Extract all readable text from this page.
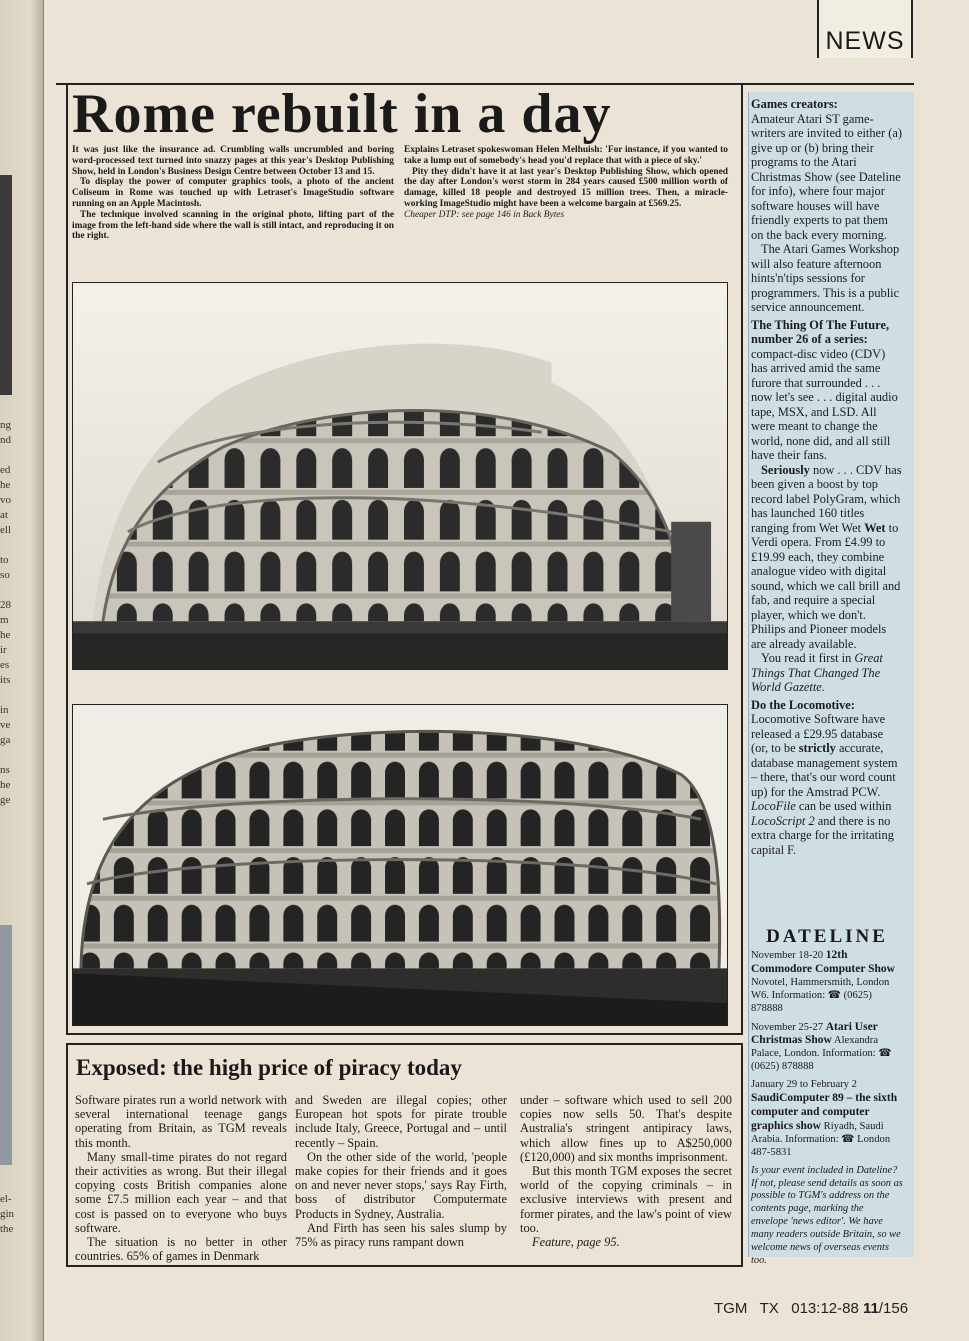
ng
nd

ed
he
vo
at
ell

to
so

28
m
he
ir
es
its

in
ve
ga

ns
he
ge
el-
gin
the
NEWS
Rome rebuilt in a day

It was just like the insurance ad. Crumbling walls uncrumbled and boring word-processed text turned into snazzy pages at this year's Desktop Publishing Show, held in London's Business Design Centre between October 13 and 15.

To display the power of computer graphics tools, a photo of the ancient Coliseum in Rome was touched up with Letraset's ImageStudio software running on an Apple Macintosh.

The technique involved scanning in the original photo, lifting part of the image from the left-hand side where the wall is still intact, and reproducing it on the right.

Explains Letraset spokeswoman Helen Melhuish: 'For instance, if you wanted to take a lump out of somebody's head you'd replace that with a piece of sky.'

Pity they didn't have it at last year's Desktop Publishing Show, which opened the day after London's worst storm in 284 years caused £500 million worth of damage, killed 18 people and destroyed 15 million trees. Then, a miracle-working ImageStudio might have been a welcome bargain at £569.25.

Cheaper DTP: see page 146 in Back Bytes

Exposed: the high price of piracy today

Software pirates run a world network with several international teenage gangs operating from Britain, as TGM reveals this month.

Many small-time pirates do not regard their activities as wrong. But their illegal copying costs British companies alone some £7.5 million each year – and that cost is passed on to everyone who buys software.

The situation is no better in other countries. 65% of games in Denmark

and Sweden are illegal copies; other European hot spots for pirate trouble include Italy, Greece, Portugal and – until recently – Spain.

On the other side of the world, 'people make copies for their friends and it goes on and never never stops,' says Ray Firth, boss of distributor Computermate Products in Sydney, Australia.

And Firth has seen his sales slump by 75% as piracy runs rampant down

under – software which used to sell 200 copies now sells 50. That's despite Australia's stringent antipiracy laws, which allow fines up to A$250,000 (£120,000) and six months imprisonment.

But this month TGM exposes the secret world of the copying criminals – in exclusive interviews with present and former pirates, and the law's point of view too.

Feature, page 95.

Games creators:
Amateur Atari ST game-writers are invited to either (a) give up or (b) bring their programs to the Atari Christmas Show (see Dateline for info), where four major software houses will have friendly experts to pat them on the back every morning.

The Atari Games Workshop will also feature afternoon hints'n'tips sessions for programmers. This is a public service announcement.

The Thing Of The Future, number 26 of a series: compact-disc video (CDV) has arrived amid the same furore that surrounded . . . now let's see . . . digital audio tape, MSX, and LSD. All were meant to change the world, none did, and all still have their fans.

Seriously now . . . CDV has been given a boost by top record label PolyGram, which has launched 160 titles ranging from Wet Wet Wet to Verdi opera. From £4.99 to £19.99 each, they combine analogue video with digital sound, which we call brill and fab, and require a special player, which we don't. Philips and Pioneer models are already available.

You read it first in Great Things That Changed The World Gazette.

Do the Locomotive:
Locomotive Software have released a £29.95 database (or, to be strictly accurate, database management system – there, that's our word count up) for the Amstrad PCW. LocoFile can be used within LocoScript 2 and there is no extra charge for the irritating capital F.

DATELINE

November 18-20 12th Commodore Computer Show Novotel, Hammersmith, London W6. Information: ☎ (0625) 878888

November 25-27 Atari User Christmas Show Alexandra Palace, London. Information: ☎ (0625) 878888

January 29 to February 2
SaudiComputer 89 – the sixth computer and computer graphics show Riyadh, Saudi Arabia. Information: ☎ London 487-5831

Is your event included in Dateline? If not, please send details as soon as possible to TGM's address on the contents page, marking the envelope 'news editor'. We have many readers outside Britain, so we welcome news of overseas events too.

TGM TX 013:12-88 11/156
